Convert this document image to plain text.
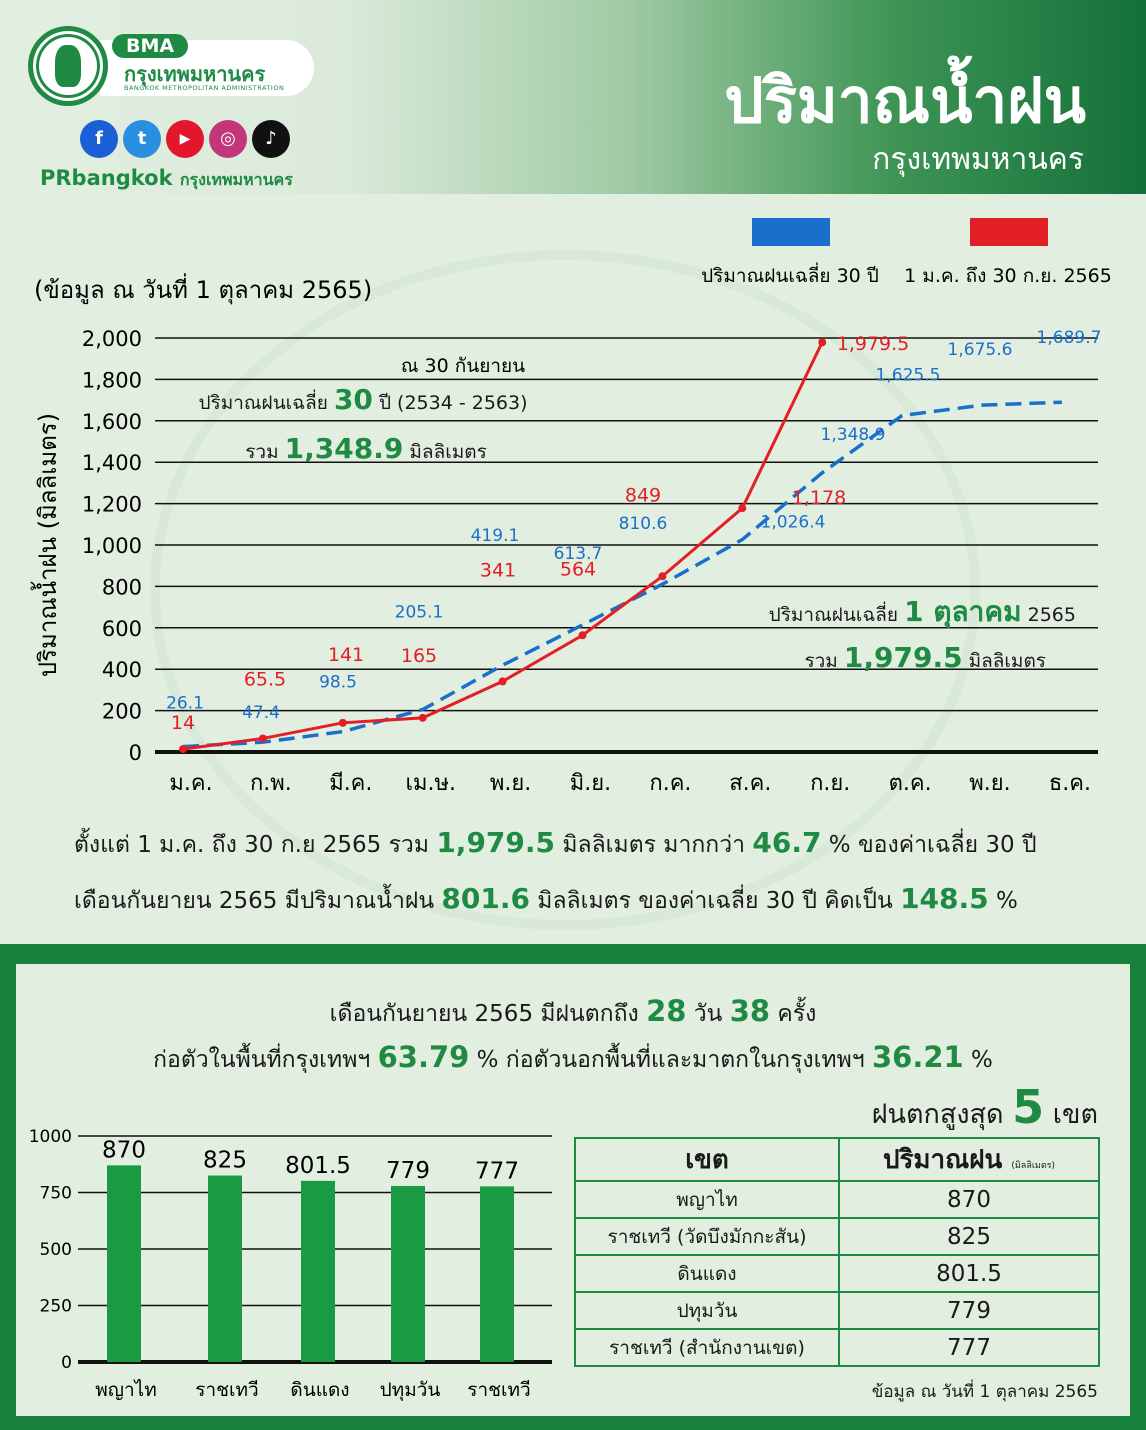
BMA
กรุงเทพมหานคร
BANGKOK METROPOLITAN ADMINISTRATION
f	t	▶	◎	♪
PRbangkok กรุงเทพมหานคร
ปริมาณน้ำฝน
กรุงเทพมหานคร
ปริมาณฝนเฉลี่ย 30 ปี 1 ม.ค. ถึง 30 ก.ย. 2565
(ข้อมูล ณ วันที่ 1 ตุลาคม 2565)
2,000
1,800
1,600
1,400
1,200
1,000
800
600
400
200
0
ปริมาณน้ำฝน (มิลลิเมตร)
ม.ค. ก.พ. มี.ค. เม.ษ. พ.ย. มิ.ย. ก.ค. ส.ค. ก.ย. ต.ค. พ.ย. ธ.ค.
26.1 47.4
98.5
205.1
419.1
613.7
810.6	1,026.4
1,348.9
1,625.5
1,675.6
1,689.7
14
65.5
141 165
341 564
849	1,178
1,979.5
ณ 30 กันยายน
ปริมาณฝนเฉลี่ย 30 ปี (2534 - 2563)
รวม 1,348.9 มิลลิเมตร
ปริมาณฝนเฉลี่ย 1 ตุลาคม 2565
รวม 1,979.5 มิลลิเมตร
ตั้งแต่ 1 ม.ค. ถึง 30 ก.ย 2565 รวม 1,979.5 มิลลิเมตร มากกว่า 46.7 % ของค่าเฉลี่ย 30 ปี
เดือนกันยายน 2565 มีปริมาณน้ำฝน 801.6 มิลลิเมตร ของค่าเฉลี่ย 30 ปี คิดเป็น 148.5 %
เดือนกันยายน 2565 มีฝนตกถึง 28 วัน 38 ครั้ง
ก่อตัวในพื้นที่กรุงเทพฯ 63.79 % ก่อตัวนอกพื้นที่และมาตกในกรุงเทพฯ 36.21 %
1000
750
500
250
0
870
พญาไท
825
ราชเทวี
801.5
ดินแดง
779
ปทุมวัน
777
ราชเทวี
ฝนตกสูงสุด 5 เขต
เขต	ปริมาณฝน (มิลลิเมตร)
พญาไท	870
ราชเทวี (วัดบึงมักกะสัน)	825
ดินแดง	801.5
ปทุมวัน	779
ราชเทวี (สำนักงานเขต)	777
ข้อมูล ณ วันที่ 1 ตุลาคม 2565
